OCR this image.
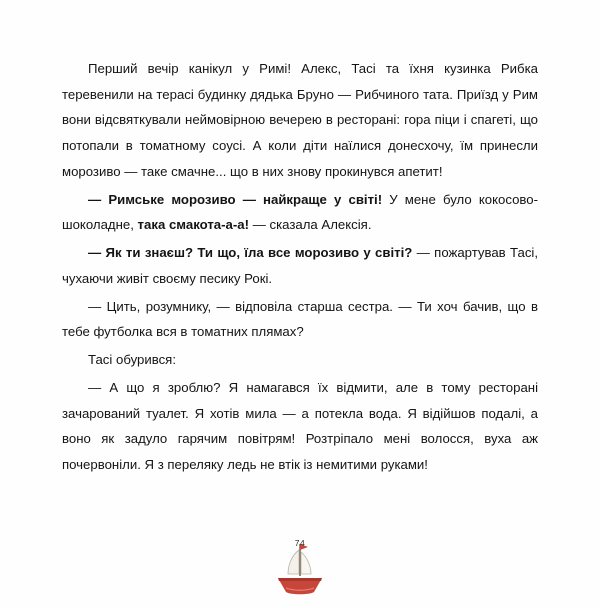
Перший вечір канікул у Римі! Алекс, Тасі та їхня кузинка Рибка теревенили на терасі будинку дядька Бруно — Рибчиного тата. Приїзд у Рим вони відсвяткували неймовірною вечерею в ресторані: гора піци і спагеті, що потопали в томатному соусі. А коли діти наїлися донесхочу, їм принесли морозиво — таке смачне... що в них знову прокинувся апетит!

— Римське морозиво — найкраще у світі! У мене було кокосово-шоколадне, така смакота-а-а! — сказала Алексія.

— Як ти знаєш? Ти що, їла все морозиво у світі? — пожартував Тасі, чухаючи живіт своєму песику Рокі.

— Цить, розумнику, — відповіла старша сестра. — Ти хоч бачив, що в тебе футболка вся в томатних плямах?

Тасі обурився:

— А що я зроблю? Я намагався їх відмити, але в тому ресторані зачарований туалет. Я хотів мила — а потекла вода. Я відійшов подалі, а воно як задуло гарячим повітрям! Розтріпало мені волосся, вуха аж почервоніли. Я з переляку ледь не втік із немитими руками!

74
